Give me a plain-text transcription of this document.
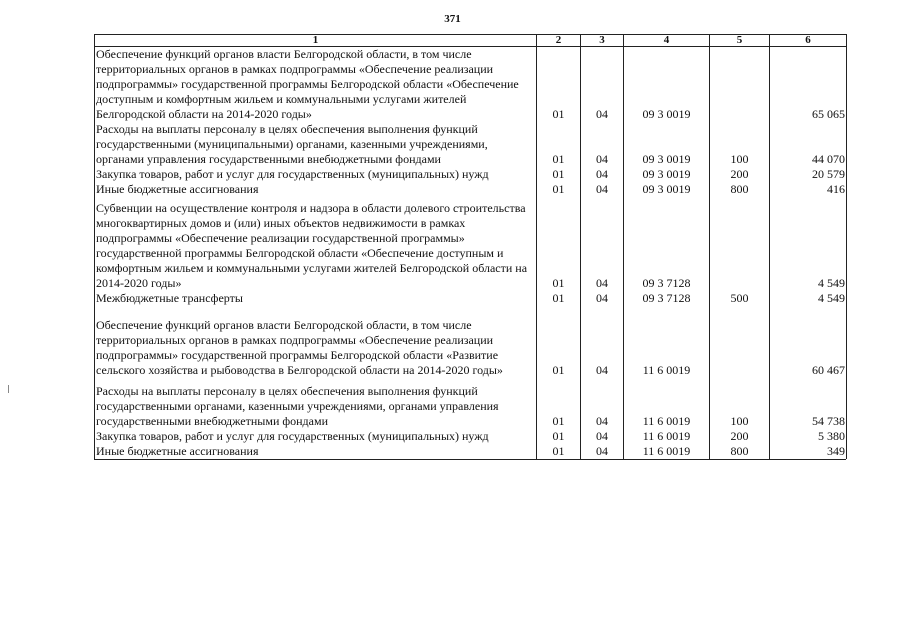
371
1	2	3	4	5	6
Обеспечение функций органов власти Белгородской области, в том числе территориальных органов в рамках подпрограммы «Обеспечение реализации подпрограммы» государственной программы Белгородской области «Обеспечение доступным и комфортным жильем и коммунальными услугами жителей Белгородской области на 2014-2020 годы»	01	04	09 3 0019		65 065
Расходы на выплаты персоналу в целях обеспечения выполнения функций государственными (муниципальными) органами, казенными учреждениями, органами управления государственными внебюджетными фондами	01	04	09 3 0019	100	44 070
Закупка товаров, работ и услуг для государственных (муниципальных) нужд	01	04	09 3 0019	200	20 579
Иные бюджетные ассигнования	01	04	09 3 0019	800	416

Субвенции на осуществление контроля и надзора в области долевого строительства многоквартирных домов и (или) иных объектов недвижимости в рамках подпрограммы «Обеспечение реализации государственной программы» государственной программы Белгородской области «Обеспечение доступным и комфортным жильем и коммунальными услугами жителей Белгородской области на 2014-2020 годы»	01	04	09 3 7128		4 549
Межбюджетные трансферты	01	04	09 3 7128	500	4 549

Обеспечение функций органов власти Белгородской области, в том числе территориальных органов в рамках подпрограммы «Обеспечение реализации подпрограммы» государственной программы Белгородской области «Развитие сельского хозяйства и рыбоводства в Белгородской области на 2014-2020 годы»	01	04	11 6 0019		60 467

Расходы на выплаты персоналу в целях обеспечения выполнения функций государственными органами, казенными учреждениями, органами управления государственными внебюджетными фондами	01	04	11 6 0019	100	54 738
Закупка товаров, работ и услуг для государственных (муниципальных) нужд	01	04	11 6 0019	200	5 380
Иные бюджетные ассигнования	01	04	11 6 0019	800	349
